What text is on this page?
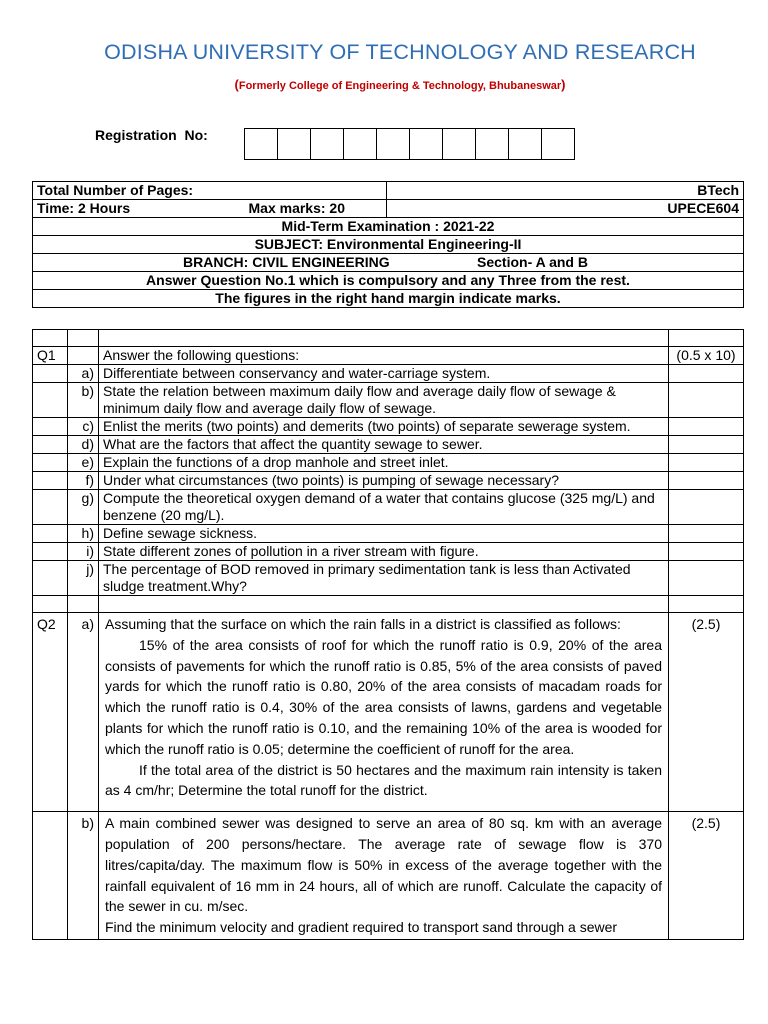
ODISHA UNIVERSITY OF TECHNOLOGY AND RESEARCH
(Formerly College of Engineering & Technology, Bhubaneswar)
Registration  No:
Total Number of Pages:	BTech
Time: 2 Hours Max marks: 20	UPECE604
Mid-Term Examination : 2021-22	
SUBJECT: Environmental Engineering-II	

BRANCH: CIVIL ENGINEERING Section- A and B	

Answer Question No.1 which is compulsory and any Three from the rest.	
The figures in the right hand margin indicate marks.	

Q1		Answer the following questions:	(0.5 x 10)
	a)	Differentiate between conservancy and water-carriage system.	
	b)	State the relation between maximum daily flow and average daily flow of sewage & minimum daily flow and average daily flow of sewage.	
	c)	Enlist the merits (two points) and demerits (two points) of separate sewerage system.	
	d)	What are the factors that affect the quantity sewage to sewer.	
	e)	Explain the functions of a drop manhole and street inlet.	
	f)	Under what circumstances (two points) is pumping of sewage necessary?	
	g)	Compute the theoretical oxygen demand of a water that contains glucose (325 mg/L) and benzene (20 mg/L).	
	h)	Define sewage sickness.	
	i)	State different zones of pollution in a river stream with figure.	
	j)	The percentage of BOD removed in primary sedimentation tank is less than Activated sludge treatment.Why?	

Q2	a)	Assuming that the surface on which the rain falls in a district is classified as follows:
15% of the area consists of roof for which the runoff ratio is 0.9, 20% of the area consists of pavements for which the runoff ratio is 0.85, 5% of the area consists of paved yards for which the runoff ratio is 0.80, 20% of the area consists of macadam roads for which the runoff ratio is 0.4, 30% of the area consists of lawns, gardens and vegetable plants for which the runoff ratio is 0.10, and the remaining 10% of the area is wooded for which the runoff ratio is 0.05; determine the coefficient of runoff for the area.
If the total area of the district is 50 hectares and the maximum rain intensity is taken as 4 cm/hr; Determine the total runoff for the district.	(2.5)
	b)	A main combined sewer was designed to serve an area of 80 sq. km with an average population of 200 persons/hectare. The average rate of sewage flow is 370 litres/capita/day. The maximum flow is 50% in excess of the average together with the rainfall equivalent of 16 mm in 24 hours, all of which are runoff. Calculate the capacity of the sewer in cu. m/sec.
Find the minimum velocity and gradient required to transport sand through a sewer	(2.5)
